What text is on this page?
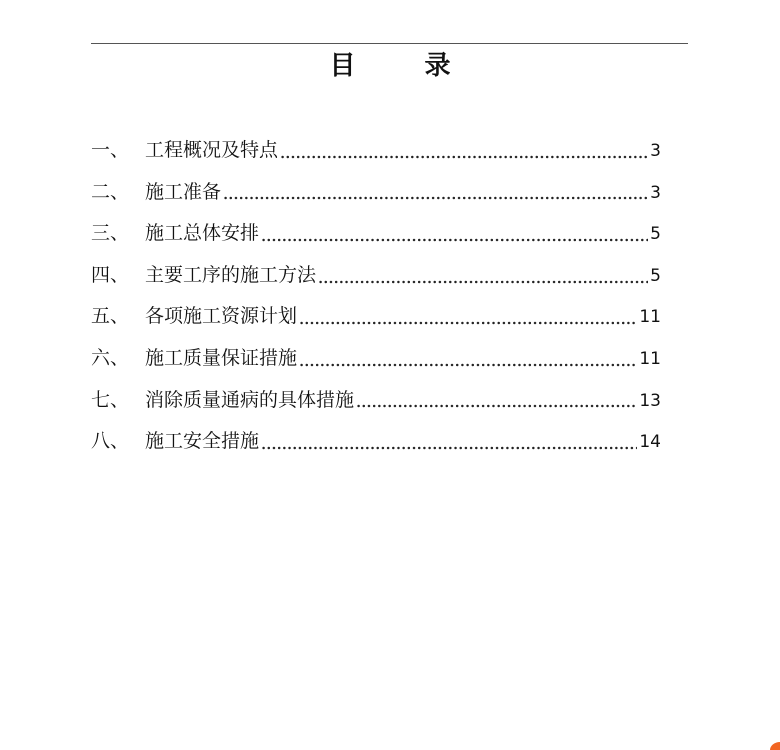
目 录
一、 工程概况及特点	3
二、 施工准备	3
三、 施工总体安排	5
四、 主要工序的施工方法	5
五、 各项施工资源计划	11
六、 施工质量保证措施	11
七、 消除质量通病的具体措施	13
八、 施工安全措施	14
